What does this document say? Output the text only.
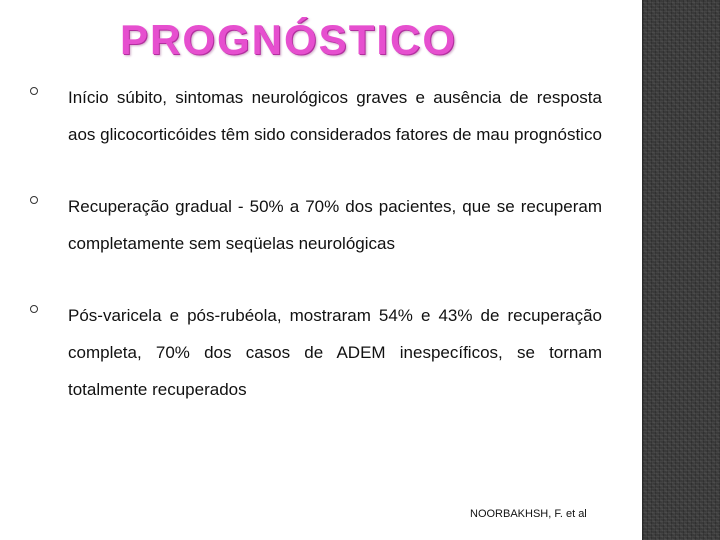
PROGNÓSTICO
Início súbito, sintomas neurológicos graves e ausência de resposta aos glicocorticóides têm sido considerados fatores de mau prognóstico
Recuperação gradual - 50% a 70% dos pacientes, que se recuperam completamente sem seqüelas neurológicas
Pós-varicela e pós-rubéola, mostraram 54% e 43% de recuperação completa, 70% dos casos de ADEM inespecíficos, se tornam totalmente recuperados
NOORBAKHSH, F. et al
